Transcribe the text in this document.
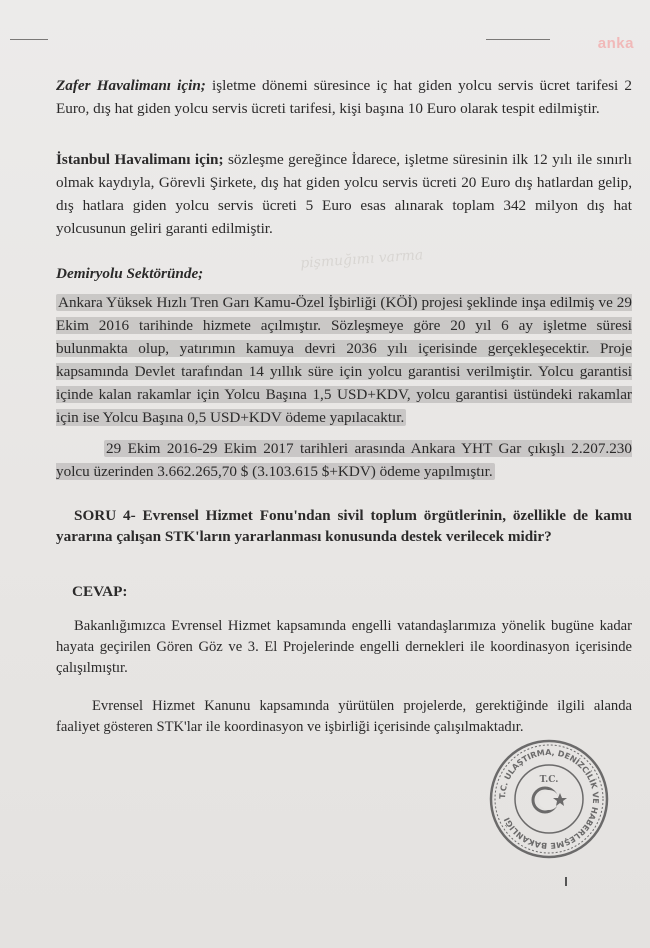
anka

Zafer Havalimanı için; işletme dönemi süresince iç hat giden yolcu servis ücret tarifesi 2 Euro, dış hat giden yolcu servis ücreti tarifesi, kişi başına 10 Euro olarak tespit edilmiştir.

İstanbul Havalimanı için; sözleşme gereğince İdarece, işletme süresinin ilk 12 yılı ile sınırlı olmak kaydıyla, Görevli Şirkete, dış hat giden yolcu servis ücreti 20 Euro dış hatlardan gelip, dış hatlara giden yolcu servis ücreti 5 Euro esas alınarak toplam 342 milyon dış hat yolcusunun geliri garanti edilmiştir.

pişmuğımı varma

Demiryolu Sektöründe;

Ankara Yüksek Hızlı Tren Garı Kamu-Özel İşbirliği (KÖİ) projesi şeklinde inşa edilmiş ve 29 Ekim 2016 tarihinde hizmete açılmıştır. Sözleşmeye göre 20 yıl 6 ay işletme süresi bulunmakta olup, yatırımın kamuya devri 2036 yılı içerisinde gerçekleşecektir. Proje kapsamında Devlet tarafından 14 yıllık süre için yolcu garantisi verilmiştir. Yolcu garantisi içinde kalan rakamlar için Yolcu Başına 1,5 USD+KDV, yolcu garantisi üstündeki rakamlar için ise Yolcu Başına 0,5 USD+KDV ödeme yapılacaktır.

29 Ekim 2016-29 Ekim 2017 tarihleri arasında Ankara YHT Gar çıkışlı 2.207.230 yolcu üzerinden 3.662.265,70 $ (3.103.615 $+KDV) ödeme yapılmıştır.

SORU 4- Evrensel Hizmet Fonu'ndan sivil toplum örgütlerinin, özellikle de kamu yararına çalışan STK'ların yararlanması konusunda destek verilecek midir?

CEVAP:

Bakanlığımızca Evrensel Hizmet kapsamında engelli vatandaşlarımıza yönelik bugüne kadar hayata geçirilen Gören Göz ve 3. El Projelerinde engelli dernekleri ile koordinasyon içerisinde çalışılmıştır.

Evrensel Hizmet Kanunu kapsamında yürütülen projelerde, gerektiğinde ilgili alanda faaliyet gösteren STK'lar ile koordinasyon ve işbirliği içerisinde çalışılmaktadır.

T.C. ULAŞTIRMA, DENİZCİLİK VE HABERLEŞME BAKANLIĞI
T.C.
